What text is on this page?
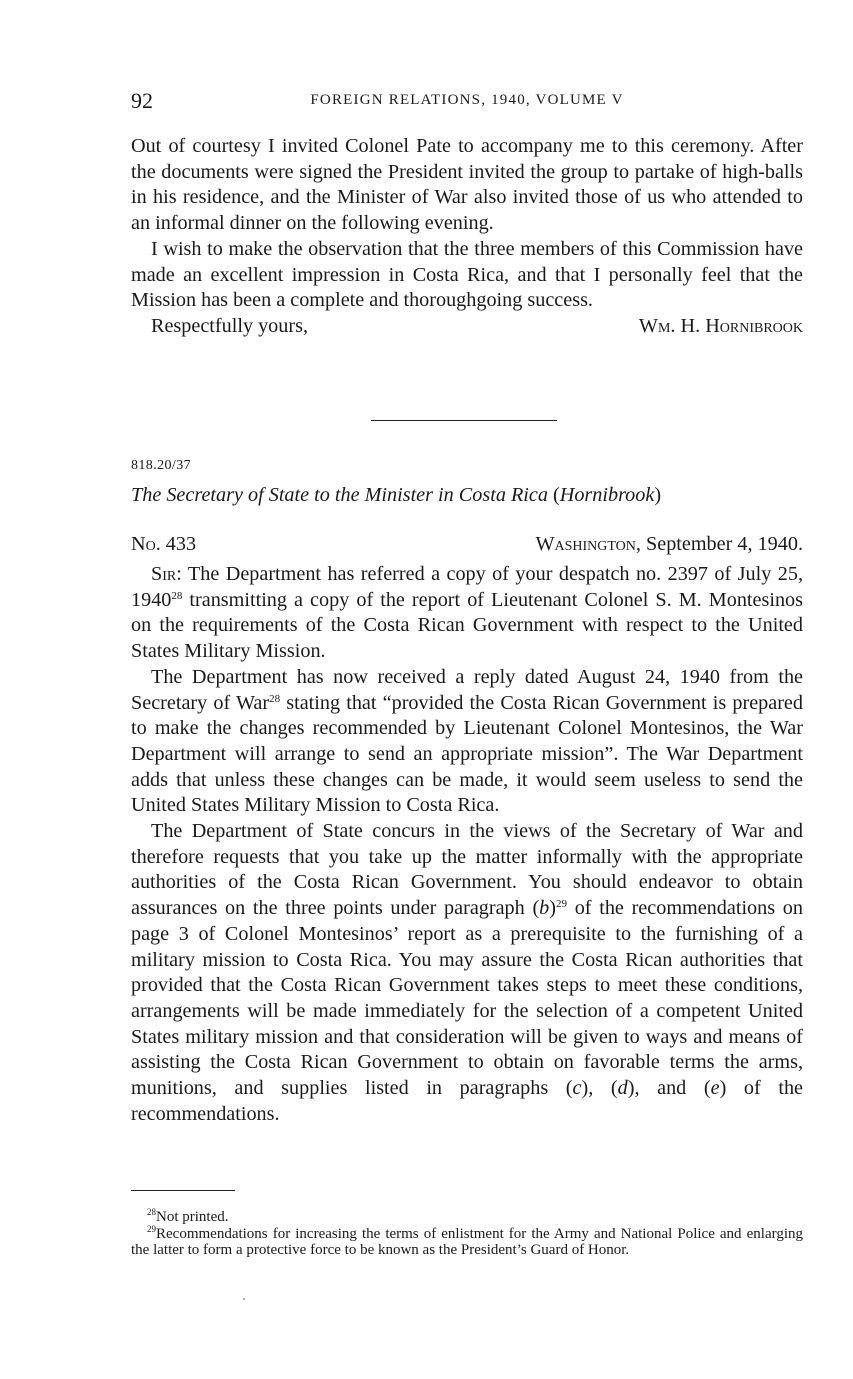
92	FOREIGN RELATIONS, 1940, VOLUME V

Out of courtesy I invited Colonel Pate to accompany me to this ceremony. After the documents were signed the President invited the group to partake of high-balls in his residence, and the Minister of War also invited those of us who attended to an informal dinner on the following evening.

I wish to make the observation that the three members of this Commission have made an excellent impression in Costa Rica, and that I personally feel that the Mission has been a complete and thoroughgoing success.

Respectfully yours,	Wm. H. Hornibrook
818.20/37
The Secretary of State to the Minister in Costa Rica (Hornibrook)
No. 433	Washington, September 4, 1940.

Sir: The Department has referred a copy of your despatch no. 2397 of July 25, 1940$^{28}$ transmitting a copy of the report of Lieutenant Colonel S. M. Montesinos on the requirements of the Costa Rican Government with respect to the United States Military Mission.

The Department has now received a reply dated August 24, 1940 from the Secretary of War$^{28}$ stating that “provided the Costa Rican Government is prepared to make the changes recommended by Lieutenant Colonel Montesinos, the War Department will arrange to send an appropriate mission”. The War Department adds that unless these changes can be made, it would seem useless to send the United States Military Mission to Costa Rica.

The Department of State concurs in the views of the Secretary of War and therefore requests that you take up the matter informally with the appropriate authorities of the Costa Rican Government. You should endeavor to obtain assurances on the three points under paragraph (b)$^{29}$ of the recommendations on page 3 of Colonel Montesinos’ report as a prerequisite to the furnishing of a military mission to Costa Rica. You may assure the Costa Rican authorities that provided that the Costa Rican Government takes steps to meet these conditions, arrangements will be made immediately for the selection of a competent United States military mission and that consideration will be given to ways and means of assisting the Costa Rican Government to obtain on favorable terms the arms, munitions, and supplies listed in paragraphs (c), (d), and (e) of the recommendations.

$^{28}$Not printed.

$^{29}$Recommendations for increasing the terms of enlistment for the Army and National Police and enlarging the latter to form a protective force to be known as the President’s Guard of Honor.
